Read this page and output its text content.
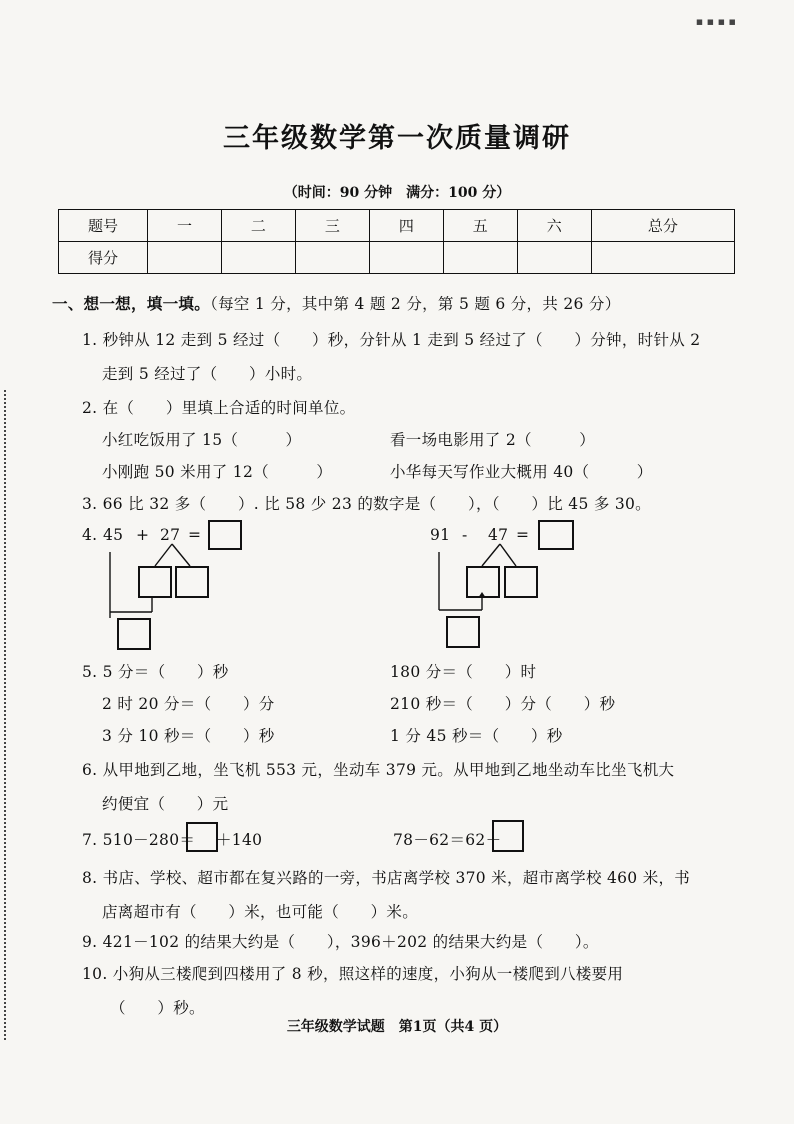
▪ ▪ ▪ ▪
三年级数学第一次质量调研
（时间：90 分钟　满分：100 分）
题号	一	二	三	四	五	六	总分
得分							
一、想一想，填一填。（每空 1 分，其中第 4 题 2 分，第 5 题 6 分，共 26 分）
1. 秒钟从 12 走到 5 经过（　　）秒，分针从 1 走到 5 经过了（　　）分钟，时针从 2
走到 5 经过了（　　）小时。
2. 在（　　）里填上合适的时间单位。
小红吃饭用了 15（　　　）	看一场电影用了 2（　　　）
小刚跑 50 米用了 12（　　　）	小华每天写作业大概用 40（　　　）
3. 66 比 32 多（　　）. 比 58 少 23 的数字是（　　），（　　）比 45 多 30。
4. 45 + 27 =	91 - 47 =
5. 5 分＝（　　）秒	180 分＝（　　）时
2 时 20 分＝（　　）分	210 秒＝（　　）分（　　）秒
3 分 10 秒＝（　　）秒	1 分 45 秒＝（　　）秒
6. 从甲地到乙地，坐飞机 553 元，坐动车 379 元。从甲地到乙地坐动车比坐飞机大
约便宜（　　）元
7. 510－280＝ ＋140	78－62＝62－
8. 书店、学校、超市都在复兴路的一旁，书店离学校 370 米，超市离学校 460 米，书
店离超市有（　　）米，也可能（　　）米。
9. 421－102 的结果大约是（　　），396＋202 的结果大约是（　　）。
10. 小狗从三楼爬到四楼用了 8 秒，照这样的速度，小狗从一楼爬到八楼要用
（　　）秒。
三年级数学试题　第1页（共4 页）
